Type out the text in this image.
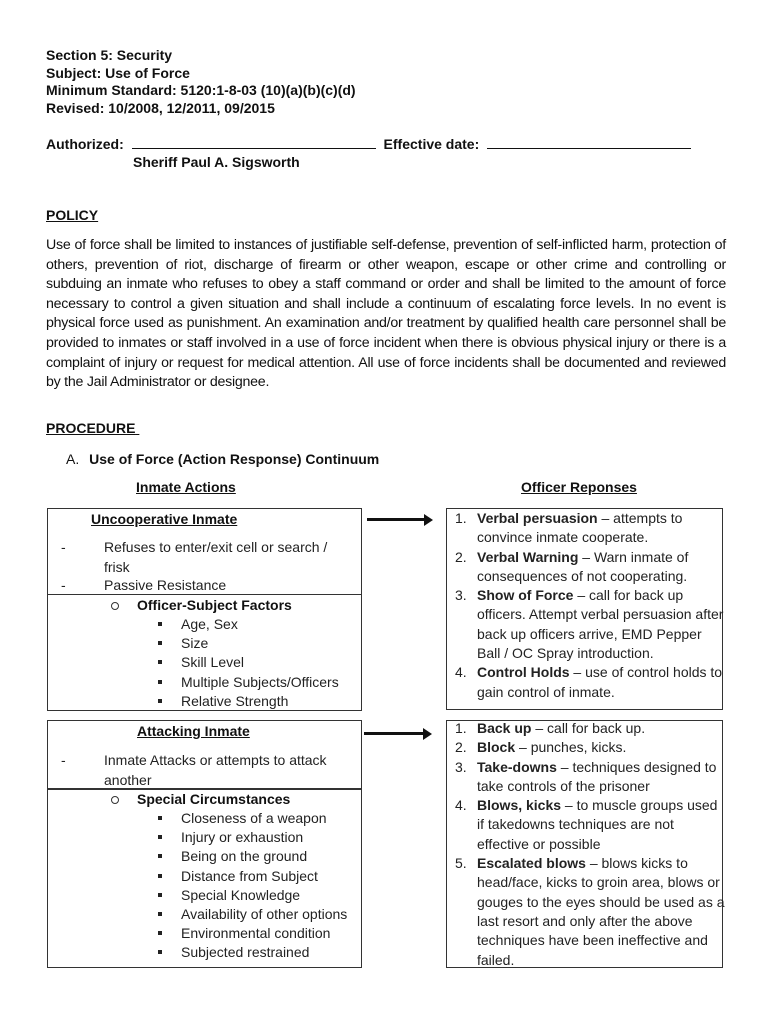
Section 5: Security
Subject: Use of Force
Minimum Standard: 5120:1-8-03 (10)(a)(b)(c)(d)
Revised: 10/2008, 12/2011, 09/2015
Authorized:	Effective date:
Sheriff Paul A. Sigsworth
POLICY
Use of force shall be limited to instances of justifiable self-defense, prevention of self-inflicted harm, protection of others, prevention of riot, discharge of firearm or other weapon, escape or other crime and controlling or subduing an inmate who refuses to obey a staff command or order and shall be limited to the amount of force necessary to control a given situation and shall include a continuum of escalating force levels. In no event is physical force used as punishment. An examination and/or treatment by qualified health care personnel shall be provided to inmates or staff involved in a use of force incident when there is obvious physical injury or there is a complaint of injury or request for medical attention. All use of force incidents shall be documented and reviewed by the Jail Administrator or designee.
PROCEDURE
A. Use of Force (Action Response) Continuum
Inmate Actions	Officer Reponses
Uncooperative Inmate
-	Refuses to enter/exit cell or search / frisk
-	Passive Resistance
Officer-Subject Factors
Age, Sex
Size
Skill Level
Multiple Subjects/Officers
Relative Strength
1. Verbal persuasion – attempts to convince inmate cooperate.
2. Verbal Warning – Warn inmate of consequences of not cooperating.
3. Show of Force – call for back up officers. Attempt verbal persuasion after back up officers arrive, EMD Pepper Ball / OC Spray introduction.
4. Control Holds – use of control holds to gain control of inmate.
Attacking Inmate
-	Inmate Attacks or attempts to attack another
Special Circumstances
Closeness of a weapon
Injury or exhaustion
Being on the ground
Distance from Subject
Special Knowledge
Availability of other options
Environmental condition
Subjected restrained
1. Back up – call for back up.
2. Block – punches, kicks.
3. Take-downs – techniques designed to take controls of the prisoner
4. Blows, kicks – to muscle groups used if takedowns techniques are not effective or possible
5. Escalated blows – blows kicks to head/face, kicks to groin area, blows or gouges to the eyes should be used as a last resort and only after the above techniques have been ineffective and failed.
